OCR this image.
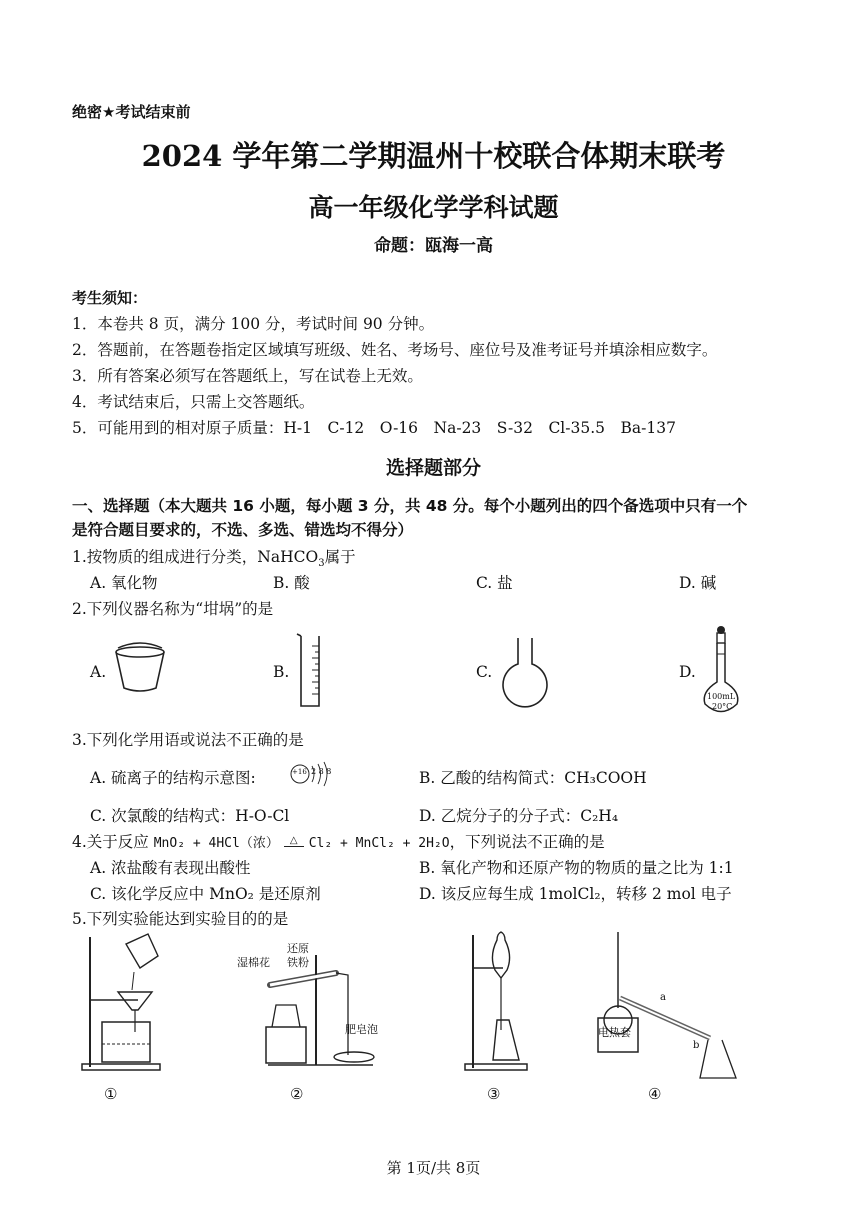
绝密★考试结束前
2024 学年第二学期温州十校联合体期末联考
高一年级化学学科试题
命题：瓯海一高
考生须知：
1．本卷共 8 页，满分 100 分，考试时间 90 分钟。
2．答题前，在答题卷指定区域填写班级、姓名、考场号、座位号及准考证号并填涂相应数字。
3．所有答案必须写在答题纸上，写在试卷上无效。
4．考试结束后，只需上交答题纸。
5．可能用到的相对原子质量：H-1　C-12　O-16　Na-23　S-32　Cl-35.5　Ba-137
选择题部分
一、选择题（本大题共 16 小题，每小题 3 分，共 48 分。每个小题列出的四个备选项中只有一个
是符合题目要求的，不选、多选、错选均不得分）
1.按物质的组成进行分类，NaHCO$_3$属于
A. 氧化物	B. 酸	C. 盐	D. 碱
2.下列仪器名称为“坩埚”的是
A.	B.	C.	D.
100mL
20°C
3.下列化学用语或说法不正确的是
A. 硫离子的结构示意图:	+16 2 8 8	B. 乙酸的结构简式：CH₃COOH
C. 次氯酸的结构式：H-O-Cl	D. 乙烷分子的分子式：C₂H₄
4.关于反应 MnO₂ + 4HCl（浓） △ Cl₂ + MnCl₂ + 2H₂O，下列说法不正确的是
A. 浓盐酸有表现出酸性	B. 氧化产物和还原产物的物质的量之比为 1:1
C. 该化学反应中 MnO₂ 是还原剂	D. 该反应每生成 1molCl₂，转移 2 mol 电子
5.下列实验能达到实验目的的是
湿棉花
还原
铁粉
肥皂泡	电热套
a
b
①	②	③	④
第 1页/共 8页
